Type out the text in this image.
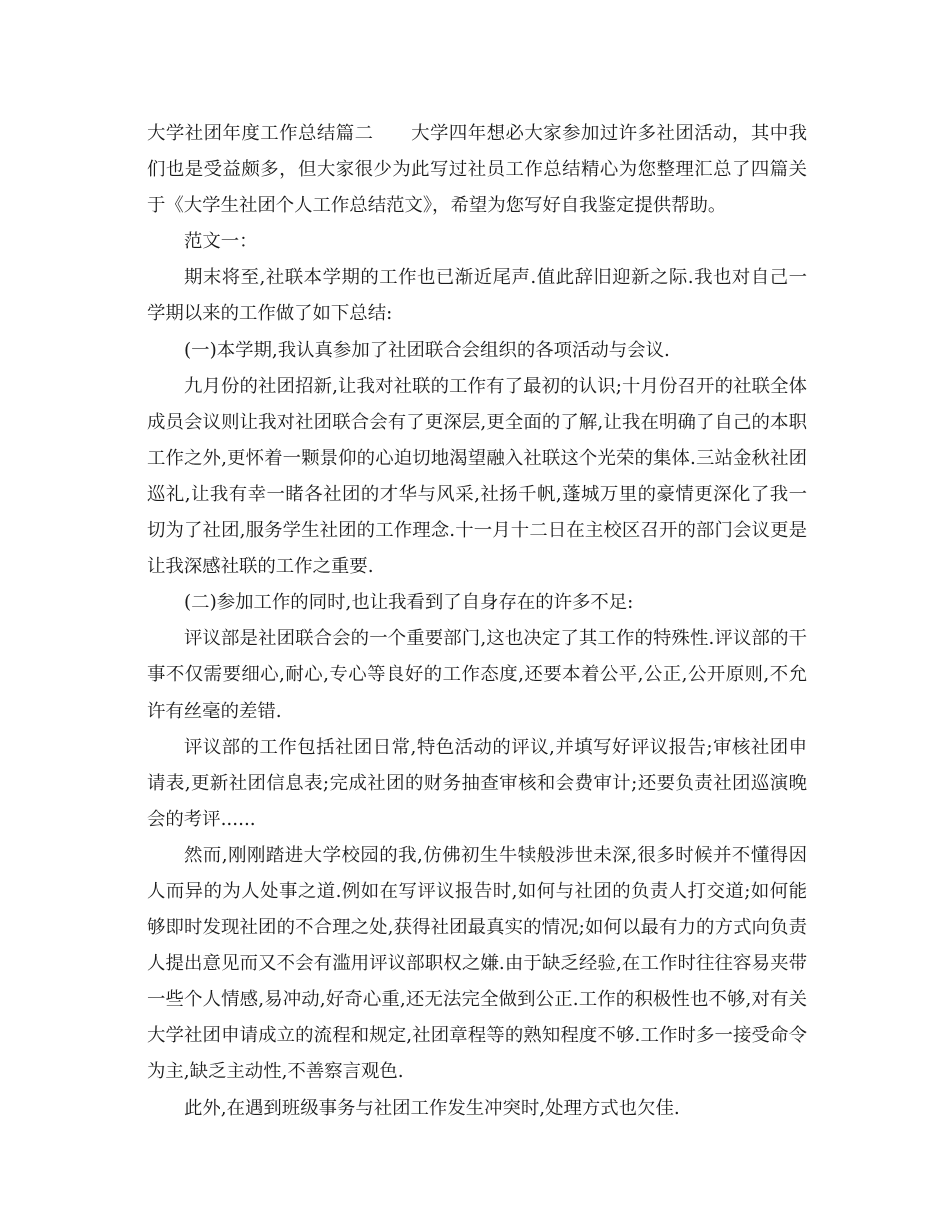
大学社团年度工作总结篇二　　大学四年想必大家参加过许多社团活动，其中我们也是受益颇多，但大家很少为此写过社员工作总结精心为您整理汇总了四篇关于《大学生社团个人工作总结范文》，希望为您写好自我鉴定提供帮助。

范文一：

期末将至,社联本学期的工作也已渐近尾声.值此辞旧迎新之际.我也对自己一学期以来的工作做了如下总结:

(一)本学期,我认真参加了社团联合会组织的各项活动与会议.

九月份的社团招新,让我对社联的工作有了最初的认识;十月份召开的社联全体成员会议则让我对社团联合会有了更深层,更全面的了解,让我在明确了自己的本职工作之外,更怀着一颗景仰的心迫切地渴望融入社联这个光荣的集体.三站金秋社团巡礼,让我有幸一睹各社团的才华与风采,社扬千帆,蓬城万里的豪情更深化了我一切为了社团,服务学生社团的工作理念.十一月十二日在主校区召开的部门会议更是让我深感社联的工作之重要.

(二)参加工作的同时,也让我看到了自身存在的许多不足:

评议部是社团联合会的一个重要部门,这也决定了其工作的特殊性.评议部的干事不仅需要细心,耐心,专心等良好的工作态度,还要本着公平,公正,公开原则,不允许有丝毫的差错.

评议部的工作包括社团日常,特色活动的评议,并填写好评议报告;审核社团申请表,更新社团信息表;完成社团的财务抽查审核和会费审计;还要负责社团巡演晚会的考评......

然而,刚刚踏进大学校园的我,仿佛初生牛犊般涉世未深,很多时候并不懂得因人而异的为人处事之道.例如在写评议报告时,如何与社团的负责人打交道;如何能够即时发现社团的不合理之处,获得社团最真实的情况;如何以最有力的方式向负责人提出意见而又不会有滥用评议部职权之嫌.由于缺乏经验,在工作时往往容易夹带一些个人情感,易冲动,好奇心重,还无法完全做到公正.工作的积极性也不够,对有关大学社团申请成立的流程和规定,社团章程等的熟知程度不够.工作时多一接受命令为主,缺乏主动性,不善察言观色.

此外,在遇到班级事务与社团工作发生冲突时,处理方式也欠佳.
